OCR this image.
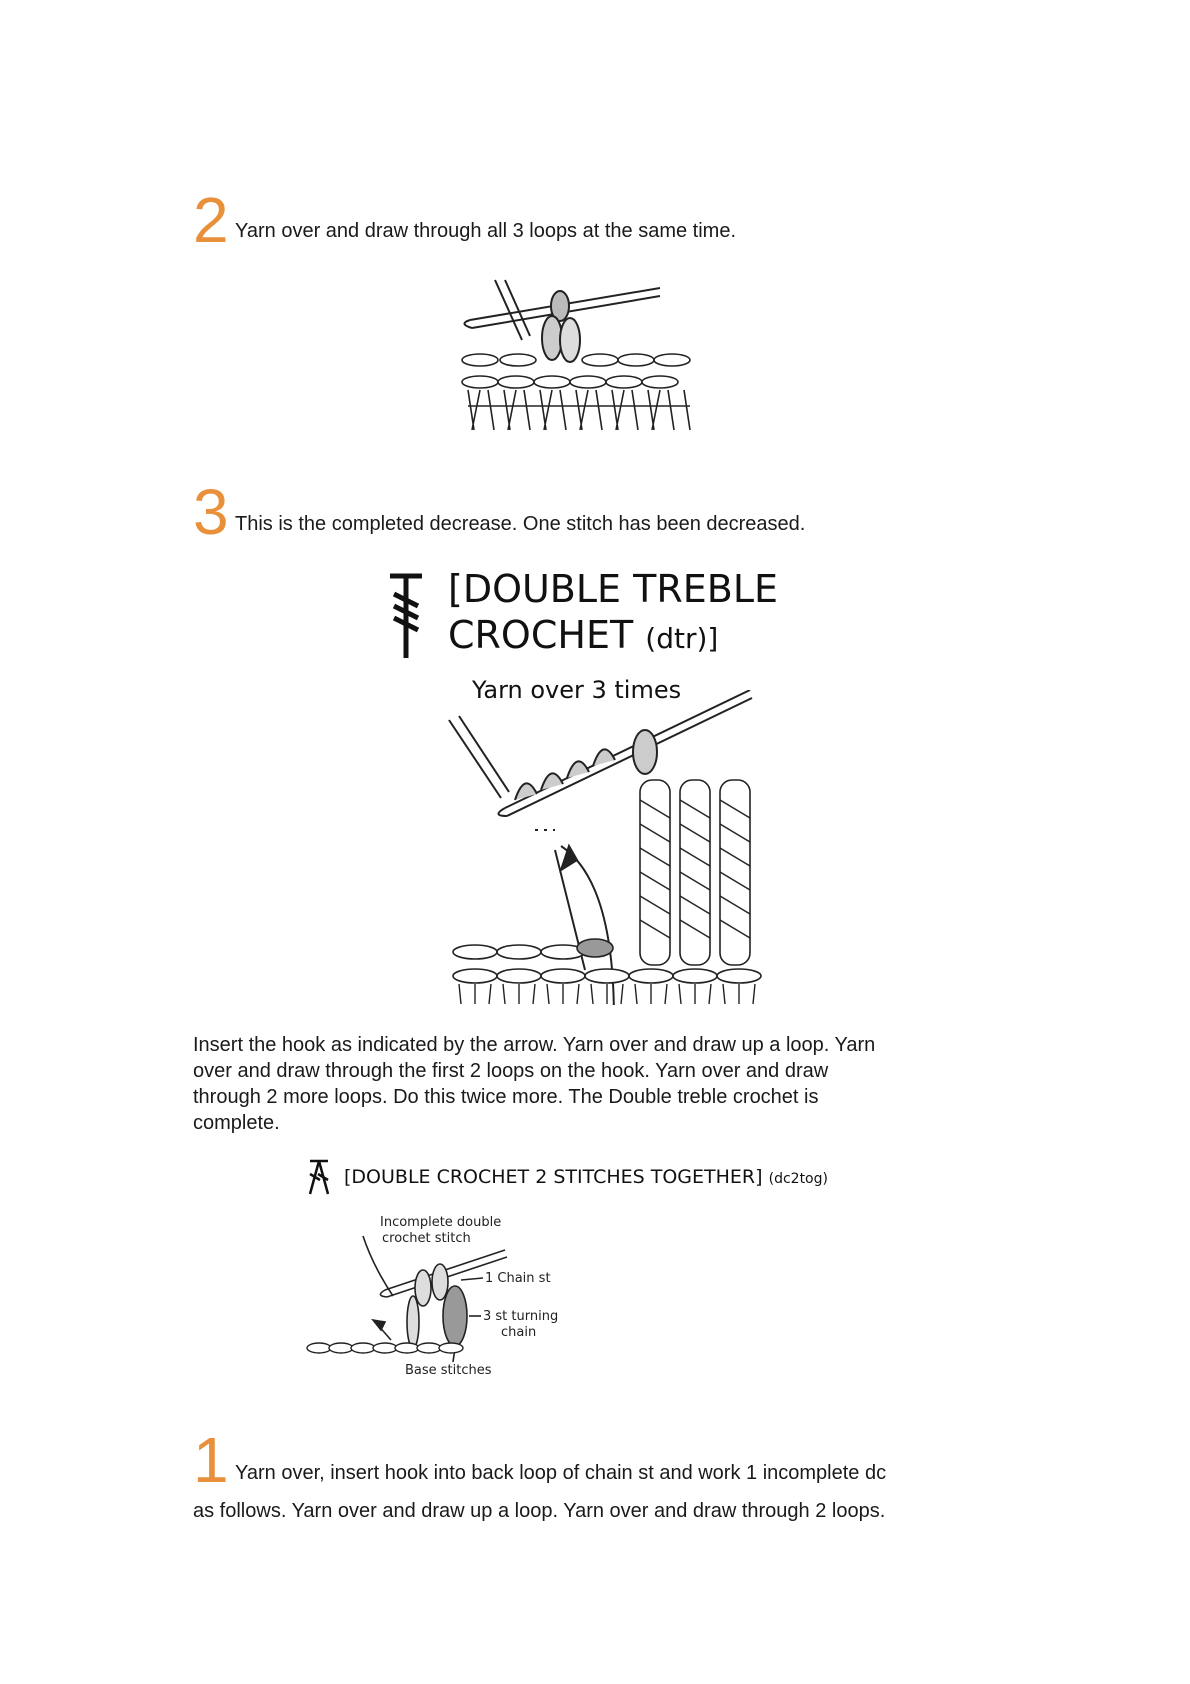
2 Yarn over and draw through all 3 loops at the same time.
3 This is the completed decrease. One stitch has been decreased.
[DOUBLE TREBLE
CROCHET (dtr)]
Yarn over 3 times
Insert the hook as indicated by the arrow. Yarn over and draw up a loop. Yarn
over and draw through the first 2 loops on the hook. Yarn over and draw
through 2 more loops. Do this twice more. The Double treble crochet is
complete.
[DOUBLE CROCHET 2 STITCHES TOGETHER] (dc2tog)
Incomplete double
crochet stitch
1 Chain st
3 st turning
chain
Base stitches
1 Yarn over, insert hook into back loop of chain st and work 1 incomplete dc
as follows. Yarn over and draw up a loop. Yarn over and draw through 2 loops.
